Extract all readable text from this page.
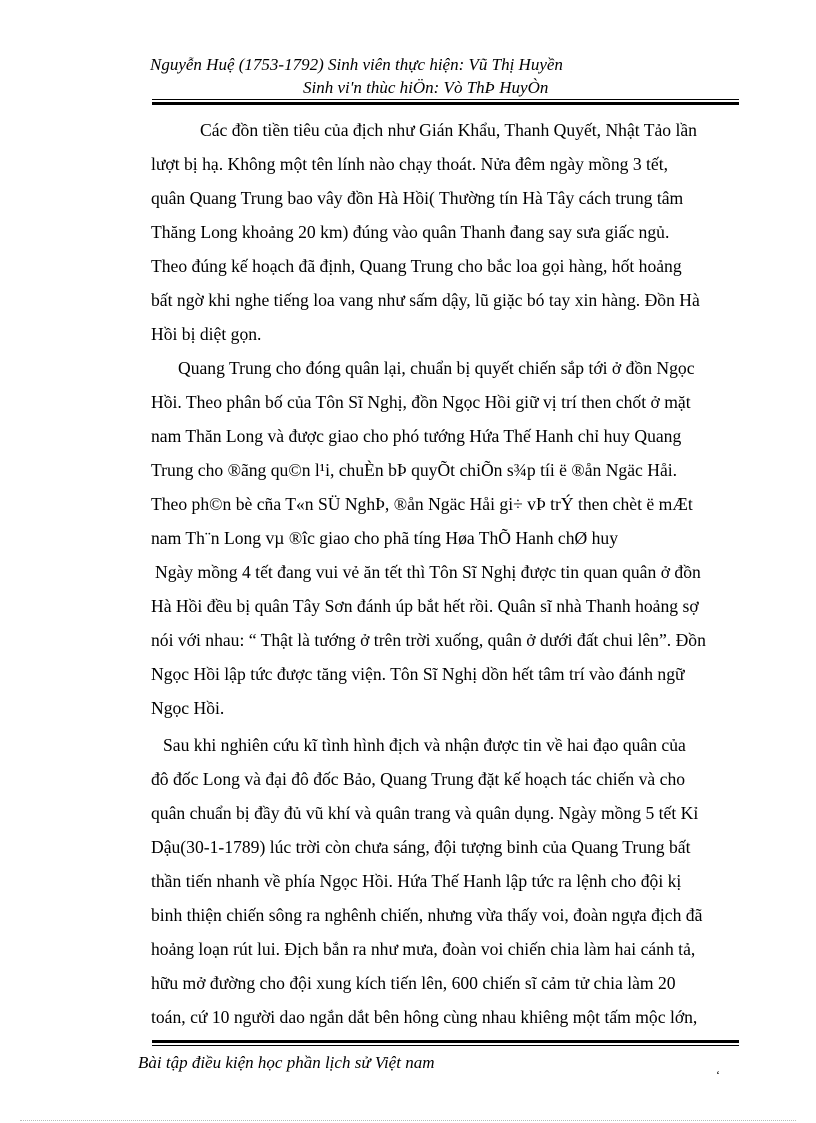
Nguyễn Huệ (1753-1792) Sinh viên thực hiện: Vũ Thị Huyền
Sinh vi'n thùc hiÖn: Vò ThÞ HuyÒn
Các đồn tiền tiêu của địch như Gián Khẩu, Thanh Quyết, Nhật Tảo lần
lượt bị hạ. Không một tên lính nào chạy thoát. Nửa đêm ngày mồng 3 tết,
quân Quang Trung bao vây đồn Hà Hồi( Thường tín Hà Tây cách trung tâm
Thăng Long khoảng 20 km) đúng vào quân Thanh đang say sưa giấc ngủ.
Theo đúng kế hoạch đã định, Quang Trung cho bắc loa gọi hàng, hốt hoảng
bất ngờ khi nghe tiếng loa vang như sấm dậy, lũ giặc bó tay xin hàng. Đồn Hà
Hồi bị diệt gọn.
Quang Trung cho đóng quân lại, chuẩn bị quyết chiến sắp tới ở đồn Ngọc
Hồi. Theo phân bố của Tôn Sĩ Nghị, đồn Ngọc Hồi giữ vị trí then chốt ở mặt
nam Thăn Long và được giao cho phó tướng Hứa Thế Hanh chỉ huy Quang
Trung cho ®ãng qu©n l¹i, chuÈn bÞ quyÕt chiÕn s¾p tíi ë ®ån Ngäc Håi.
Theo ph©n bè cña T«n SÜ NghÞ, ®ån Ngäc Håi gi÷ vÞ trÝ then chèt ë mÆt
nam Th¨n Long vµ ®îc giao cho phã tíng Høa ThÕ Hanh chØ huy
Ngày mồng 4 tết đang vui vẻ ăn tết thì Tôn Sĩ Nghị được tin quan quân ở đồn
Hà Hồi đều bị quân Tây Sơn đánh úp bắt hết rồi. Quân sĩ nhà Thanh hoảng sợ
nói với nhau: “ Thật là tướng ở trên trời xuống, quân ở dưới đất chui lên”. Đồn
Ngọc Hồi lập tức được tăng viện. Tôn Sĩ Nghị dồn hết tâm trí vào đánh ngữ
Ngọc Hồi.
Sau khi nghiên cứu kĩ tình hình địch và nhận được tin về hai đạo quân của
đô đốc Long và đại đô đốc Bảo, Quang Trung đặt kế hoạch tác chiến và cho
quân chuẩn bị đầy đủ vũ khí và quân trang và quân dụng. Ngày mồng 5 tết Kỉ
Dậu(30-1-1789) lúc trời còn chưa sáng, đội tượng binh của Quang Trung bất
thần tiến nhanh về phía Ngọc Hồi. Hứa Thế Hanh lập tức ra lệnh cho đội kị
binh thiện chiến sông ra nghênh chiến, nhưng vừa thấy voi, đoàn ngựa địch đã
hoảng loạn rút lui. Địch bắn ra như mưa, đoàn voi chiến chia làm hai cánh tả,
hữu mở đường cho đội xung kích tiến lên, 600 chiến sĩ cảm tử chia làm 20
toán, cứ 10 người dao ngắn dắt bên hông cùng nhau khiêng một tấm mộc lớn,
Bài tập điều kiện học phần lịch sử Việt nam
‘
